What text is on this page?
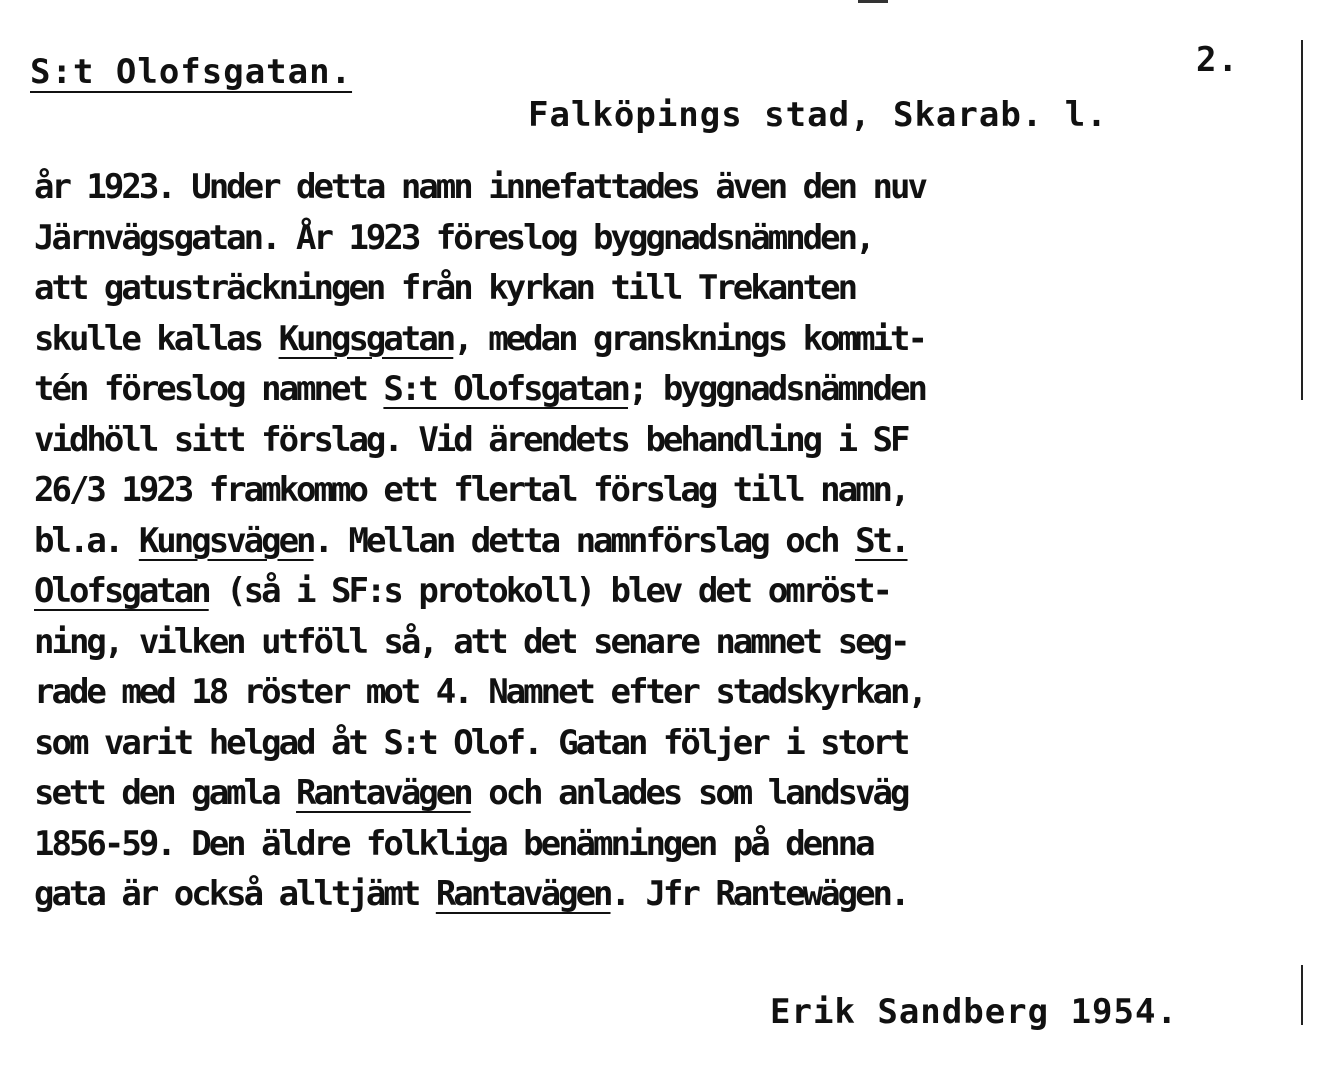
S:t Olofsgatan.	2.
Falköpings stad, Skarab. l.
år 1923. Under detta namn innefattades även den nuv
Järnvägsgatan. År 1923 föreslog byggnadsnämnden,
att gatusträckningen från kyrkan till Trekanten
skulle kallas Kungsgatan, medan gransknings kommit-
tén föreslog namnet S:t Olofsgatan; byggnadsnämnden
vidhöll sitt förslag. Vid ärendets behandling i SF
26/3 1923 framkommo ett flertal förslag till namn,
bl.a. Kungsvägen. Mellan detta namnförslag och St.
Olofsgatan (så i SF:s protokoll) blev det omröst-
ning, vilken utföll så, att det senare namnet seg-
rade med 18 röster mot 4. Namnet efter stadskyrkan,
som varit helgad åt S:t Olof. Gatan följer i stort
sett den gamla Rantavägen och anlades som landsväg
1856-59. Den äldre folkliga benämningen på denna
gata är också alltjämt Rantavägen. Jfr Rantewägen.
Erik Sandberg 1954.
